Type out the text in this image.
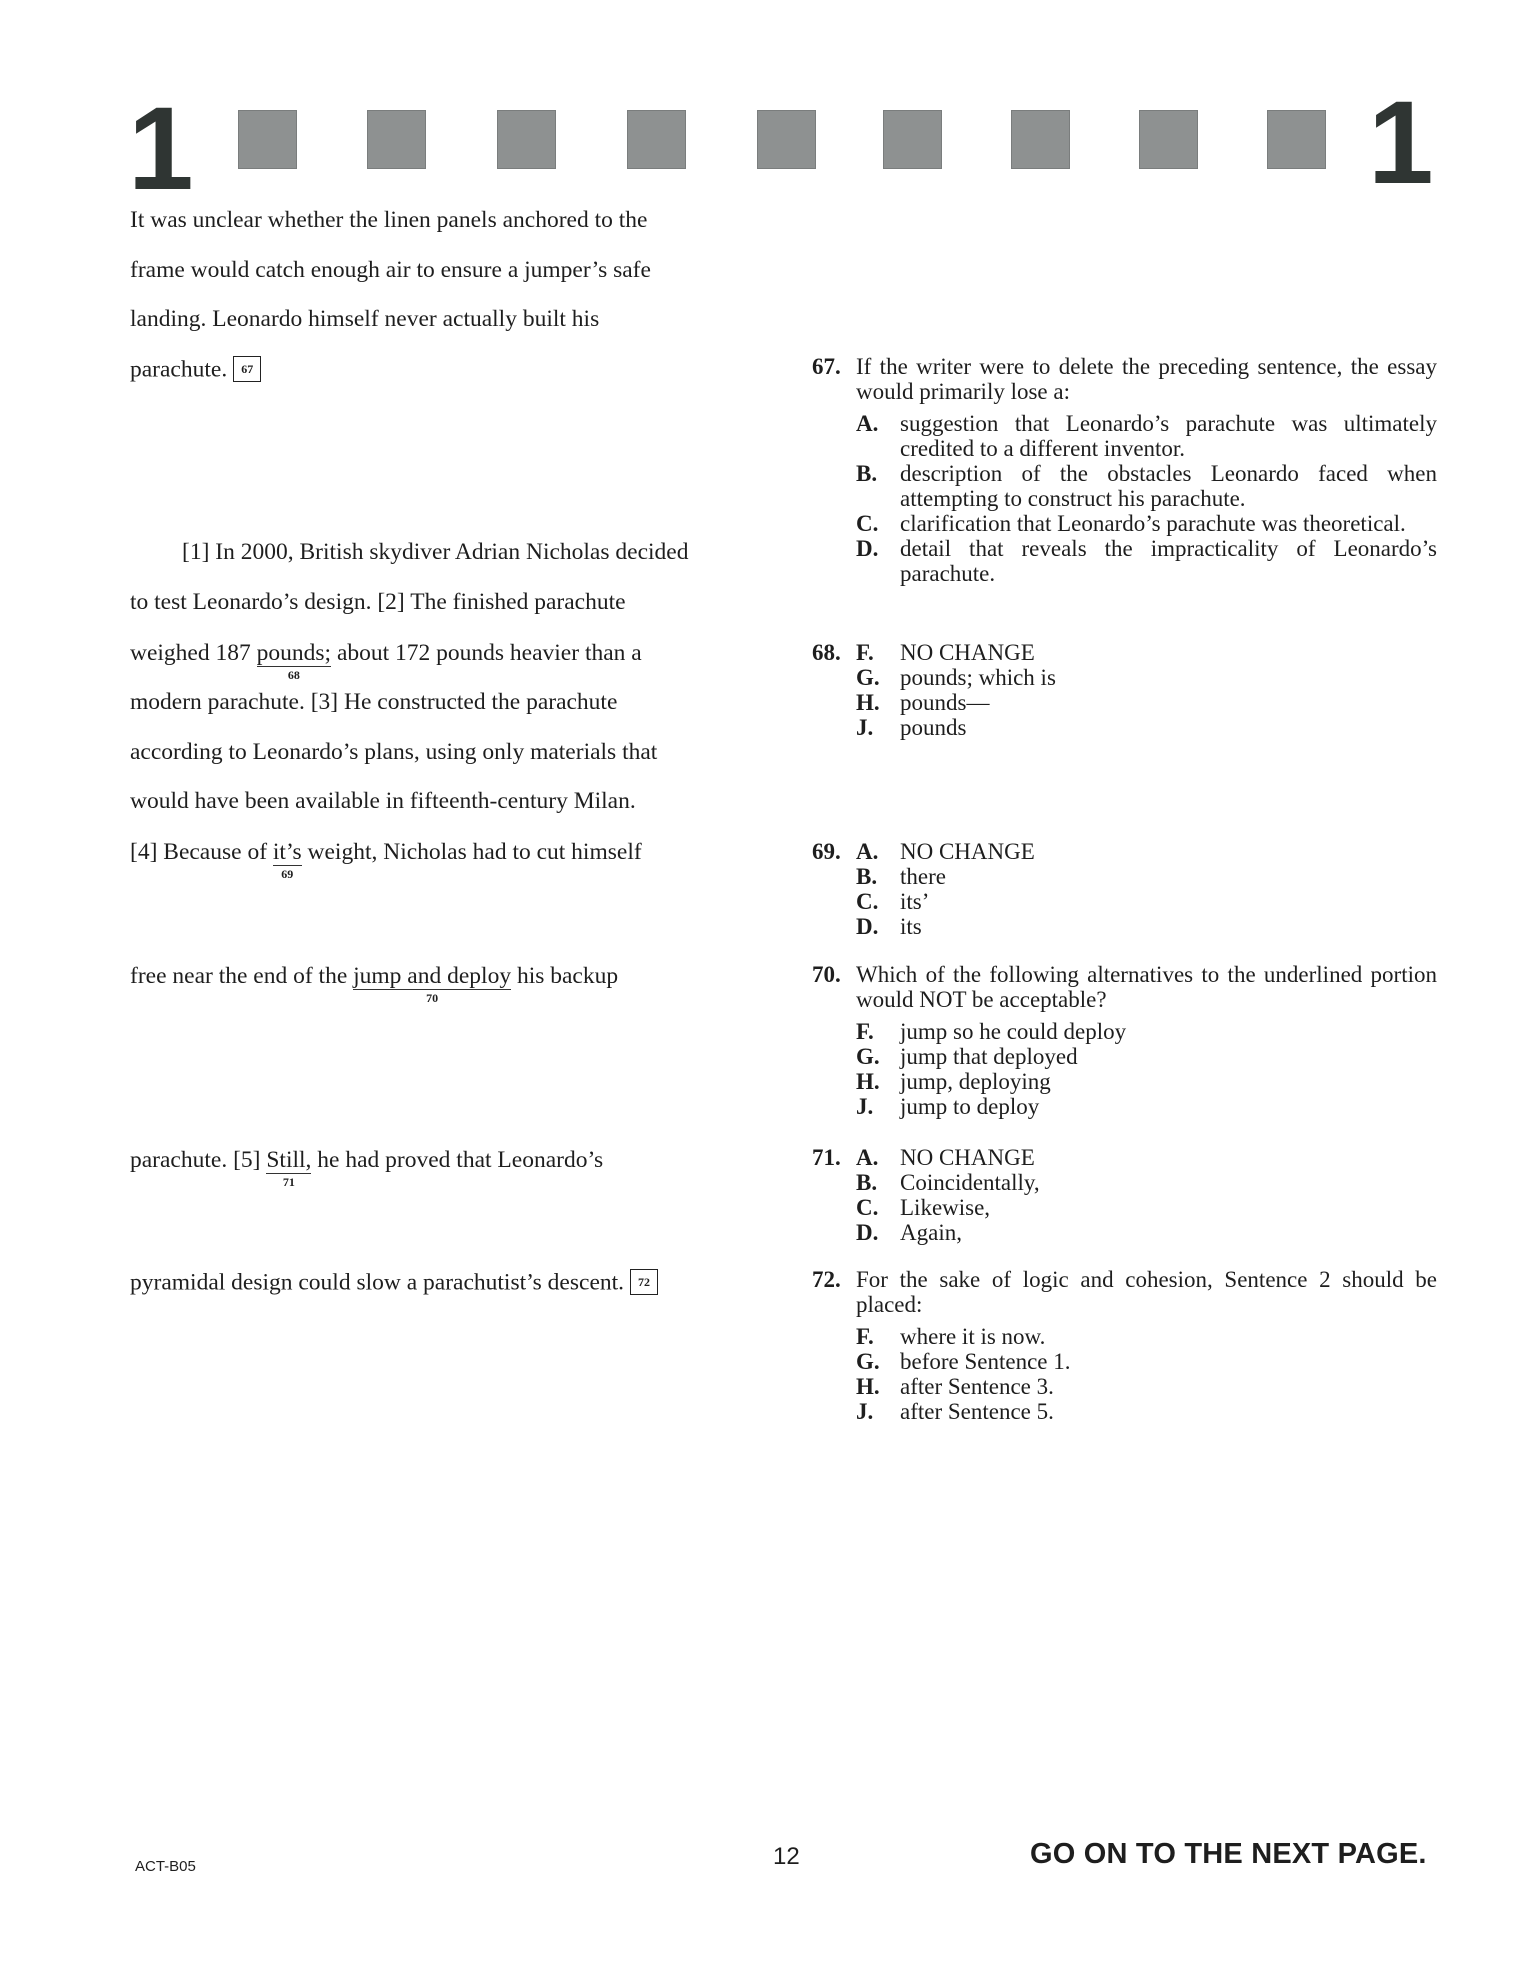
1	1
It was unclear whether the linen panels anchored to the
frame would catch enough air to ensure a jumper’s safe
landing. Leonardo himself never actually built his
parachute. 67
[1] In 2000, British skydiver Adrian Nicholas decided
to test Leonardo’s design. [2] The finished parachute
weighed 187 pounds;
68
about 172 pounds heavier than a
modern parachute. [3] He constructed the parachute
according to Leonardo’s plans, using only materials that
would have been available in fifteenth-century Milan.
[4] Because of it’s
69
weight, Nicholas had to cut himself
free near the end of the jump and deploy
70
his backup
parachute. [5] Still,
71
he had proved that Leonardo’s
pyramidal design could slow a parachutist’s descent. 72
67. If the writer were to delete the preceding sentence, the essay would primarily lose a:
A. suggestion that Leonardo’s parachute was ultimately credited to a different inventor.
B. description of the obstacles Leonardo faced when attempting to construct his parachute.
C. clarification that Leonardo’s parachute was theoretical.
D. detail that reveals the impracticality of Leonardo’s parachute.
68. F.	NO CHANGE
G. pounds; which is
H. pounds—
J.	pounds
69. A. NO CHANGE
B. there
C. its’
D. its
70. Which of the following alternatives to the underlined portion would NOT be acceptable?
F.	jump so he could deploy
G. jump that deployed
H. jump, deploying
J.	jump to deploy
71. A. NO CHANGE
B. Coincidentally,
C. Likewise,
D. Again,
72. For the sake of logic and cohesion, Sentence 2 should be placed:
F.	where it is now.
G. before Sentence 1.
H. after Sentence 3.
J.	after Sentence 5.
ACT-B05	12	GO ON TO THE NEXT PAGE.
